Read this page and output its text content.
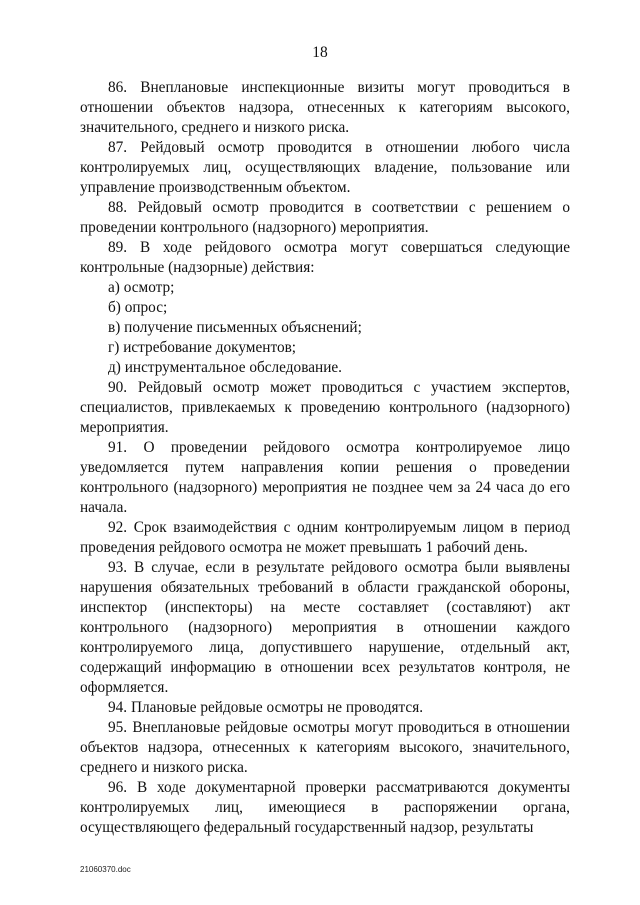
18

86. Внеплановые инспекционные визиты могут проводиться в отношении объектов надзора, отнесенных к категориям высокого, значительного, среднего и низкого риска.

87. Рейдовый осмотр проводится в отношении любого числа контролируемых лиц, осуществляющих владение, пользование или управление производственным объектом.

88. Рейдовый осмотр проводится в соответствии с решением о проведении контрольного (надзорного) мероприятия.

89. В ходе рейдового осмотра могут совершаться следующие контрольные (надзорные) действия:

а) осмотр;

б) опрос;

в) получение письменных объяснений;

г) истребование документов;

д) инструментальное обследование.

90. Рейдовый осмотр может проводиться с участием экспертов, специалистов, привлекаемых к проведению контрольного (надзорного) мероприятия.

91. О проведении рейдового осмотра контролируемое лицо уведомляется путем направления копии решения о проведении контрольного (надзорного) мероприятия не позднее чем за 24 часа до его начала.

92. Срок взаимодействия с одним контролируемым лицом в период проведения рейдового осмотра не может превышать 1 рабочий день.

93. В случае, если в результате рейдового осмотра были выявлены нарушения обязательных требований в области гражданской обороны, инспектор (инспекторы) на месте составляет (составляют) акт контрольного (надзорного) мероприятия в отношении каждого контролируемого лица, допустившего нарушение, отдельный акт, содержащий информацию в отношении всех результатов контроля, не оформляется.

94. Плановые рейдовые осмотры не проводятся.

95. Внеплановые рейдовые осмотры могут проводиться в отношении объектов надзора, отнесенных к категориям высокого, значительного, среднего и низкого риска.

96. В ходе документарной проверки рассматриваются документы контролируемых лиц, имеющиеся в распоряжении органа, осуществляющего федеральный государственный надзор, результаты

21060370.doc
